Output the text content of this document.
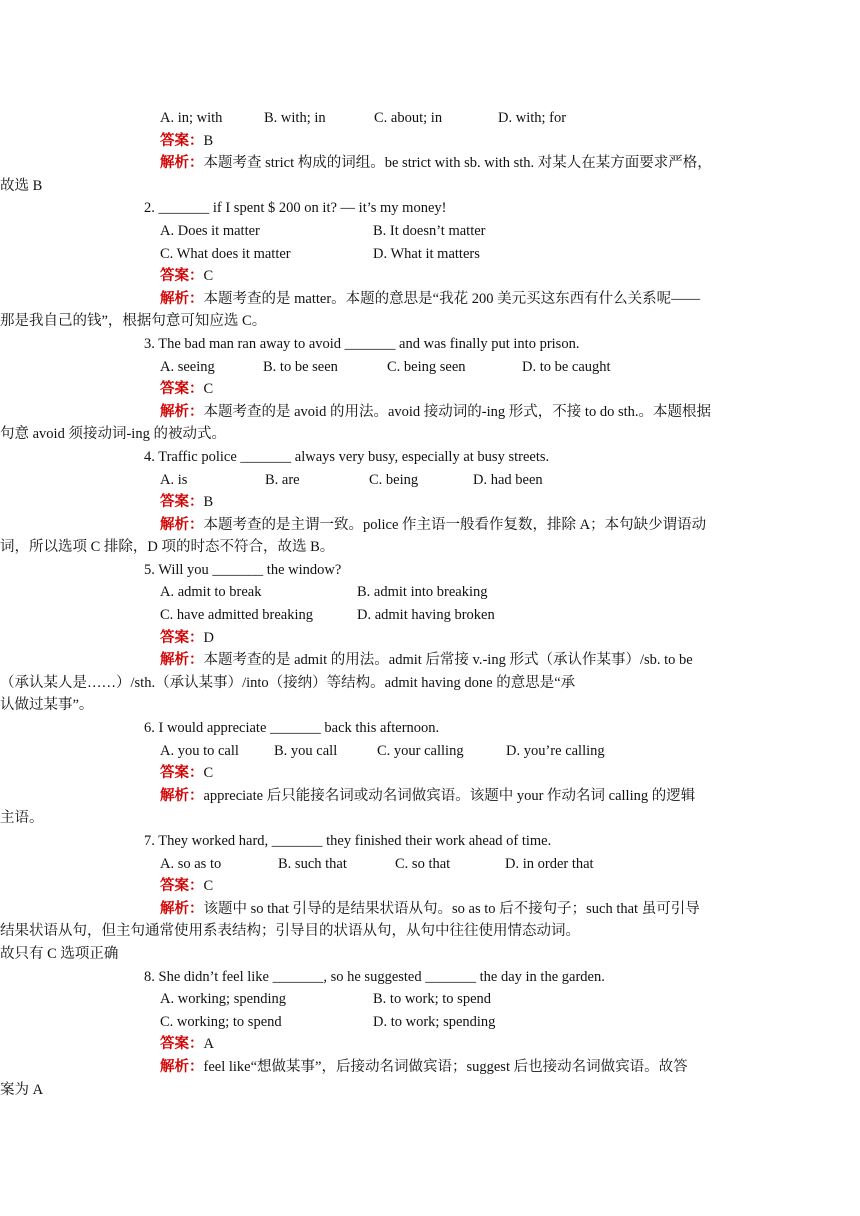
A. in; with	B. with; in	C. about; in	D. with; for
答案：B
解析：本题考查 strict 构成的词组。be strict with sb. with sth. 对某人在某方面要求严格，
故选 B
2. _______ if I spent $ 200 on it? — it’s my money!
A. Does it matter	B. It doesn’t matter
C. What does it matter	D. What it matters
答案：C
解析：本题考查的是 matter。本题的意思是“我花 200 美元买这东西有什么关系呢——
那是我自己的钱”，根据句意可知应选 C。
3. The bad man ran away to avoid _______ and was finally put into prison.
A. seeing	B. to be seen	C. being seen	D. to be caught
答案：C
解析：本题考查的是 avoid 的用法。avoid 接动词的-ing 形式，不接 to do sth.。本题根据
句意 avoid 须接动词-ing 的被动式。
4. Traffic police _______ always very busy, especially at busy streets.
A. is	B. are	C. being	D. had been
答案：B
解析：本题考查的是主谓一致。police 作主语一般看作复数，排除 A；本句缺少谓语动
词，所以选项 C 排除，D 项的时态不符合，故选 B。
5. Will you _______ the window?
A. admit to break	B. admit into breaking
C. have admitted breaking	D. admit having broken
答案：D
解析：本题考查的是 admit 的用法。admit 后常接 v.-ing 形式（承认作某事）/sb. to be
（承认某人是……）/sth.（承认某事）/into（接纳）等结构。admit having done 的意思是“承
认做过某事”。
6. I would appreciate _______ back this afternoon.
A. you to call B. you call	C. your calling	D. you’re calling
答案：C
解析：appreciate 后只能接名词或动名词做宾语。该题中 your 作动名词 calling 的逻辑
主语。
7. They worked hard, _______ they finished their work ahead of time.
A. so as to	B. such that	C. so that	D. in order that
答案：C
解析：该题中 so that 引导的是结果状语从句。so as to 后不接句子；such that 虽可引导
结果状语从句，但主句通常使用系表结构；引导目的状语从句，从句中往往使用情态动词。
故只有 C 选项正确
8. She didn’t feel like _______, so he suggested _______ the day in the garden.
A. working; spending	B. to work; to spend
C. working; to spend	D. to work; spending
答案：A
解析：feel like“想做某事”，后接动名词做宾语；suggest 后也接动名词做宾语。故答
案为 A
